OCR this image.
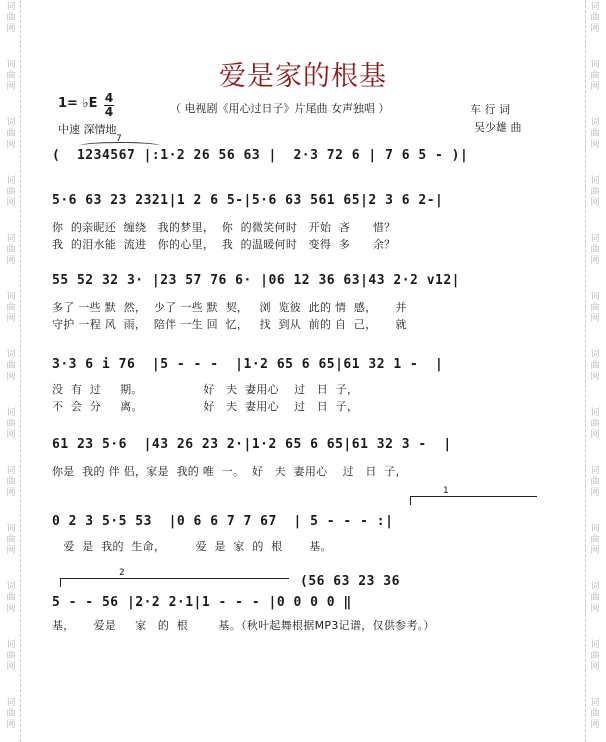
词
曲
网
词
曲
网
词
曲
网
词
曲
网
词
曲
网
词
曲
网
词
曲
网
词
曲
网
词
曲
网
词
曲
网
词
曲
网
词
曲
网
词
曲
网
词
曲
网
词
曲
网
词
曲
网
词
曲
网
词
曲
网
词
曲
网
词
曲
网
词
曲
网
词
曲
网
词
曲
网
词
曲
网
词
曲
网
词
曲
网
爱是家的根基
1= ♭E 4
4	（ 电视剧《用心过日子》片尾曲 女声独唱 ）	车 行 词
吴少雄 曲
中速 深情地
(  1234567 |:1·2 26 56 63 |  2·3 72 6 | 7 6 5 - )|
7
5·6 63 23 2321|1 2 6 5-|5·6 63 561 65|2 3 6 2-|
你  的亲昵还  缠绕   我的梦里，  你  的微笑何时   开始  吝      惜？
我  的泪水能  流进   你的心里，  我  的温暖何时   变得  多      余？
55 52 32 3· |23 57 76 6· |06 12 36 63|43 2·2 v12|
多了 一些 默  然，  少了 一些 默  契，   浏  览彼  此的 情  感，     并
守护 一程 风  雨，  陪伴 一生 回  忆，   找  到从  前的 自  己，     就
3·3 6 i 76  |5 - - -  |1·2 65 6 65|61 32 1 -  |
没  有  过     期。                好   夫  妻用心    过   日  子，
不  会  分     离。                好   夫  妻用心    过   日  子，
61 23 5·6  |43 26 23 2·|1·2 65 6 65|61 32 3 -  |
你是  我的 伴 侣，家是  我的 唯  一。  好   夫  妻用心    过   日  子，
1
0 2 3 5·5 53  |0 6 6 7 7 67  | 5 - - - :|
爱  是  我的  生命，        爱  是  家  的  根       基。
2
(56 63 23 36
5 - - 56 |2·2 2·1|1 - - - |0 0 0 0 ‖
基，     爱是     家   的  根        基。（秋叶起舞根据MP3记谱，仅供参考。）
